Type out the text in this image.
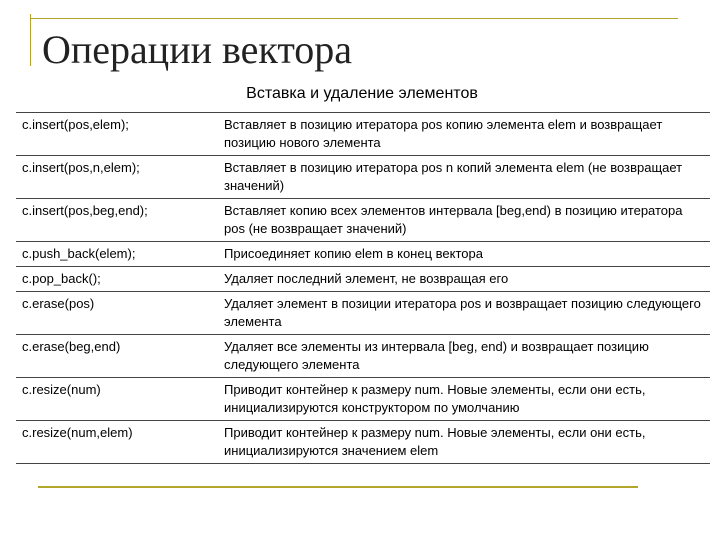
Операции вектора
Вставка и удаление элементов
c.insert(pos,elem);	Вставляет в позицию итератора pos копию элемента elem и возвращает позицию нового элемента
c.insert(pos,n,elem);	Вставляет в позицию итератора pos n копий элемента elem (не возвращает значений)
c.insert(pos,beg,end);	Вставляет копию всех элементов интервала [beg,end) в позицию итератора pos (не возвращает значений)
c.push_back(elem);	Присоединяет копию elem в конец вектора
c.pop_back();	Удаляет последний элемент, не возвращая его
c.erase(pos)	Удаляет элемент в позиции итератора pos и возвращает позицию следующего элемента
c.erase(beg,end)	Удаляет все элементы из интервала [beg, end) и возвращает позицию следующего элемента
c.resize(num)	Приводит контейнер к размеру num. Новые элементы, если они есть, инициализируются конструктором по умолчанию
c.resize(num,elem)	Приводит контейнер к размеру num. Новые элементы, если они есть, инициализируются значением elem
